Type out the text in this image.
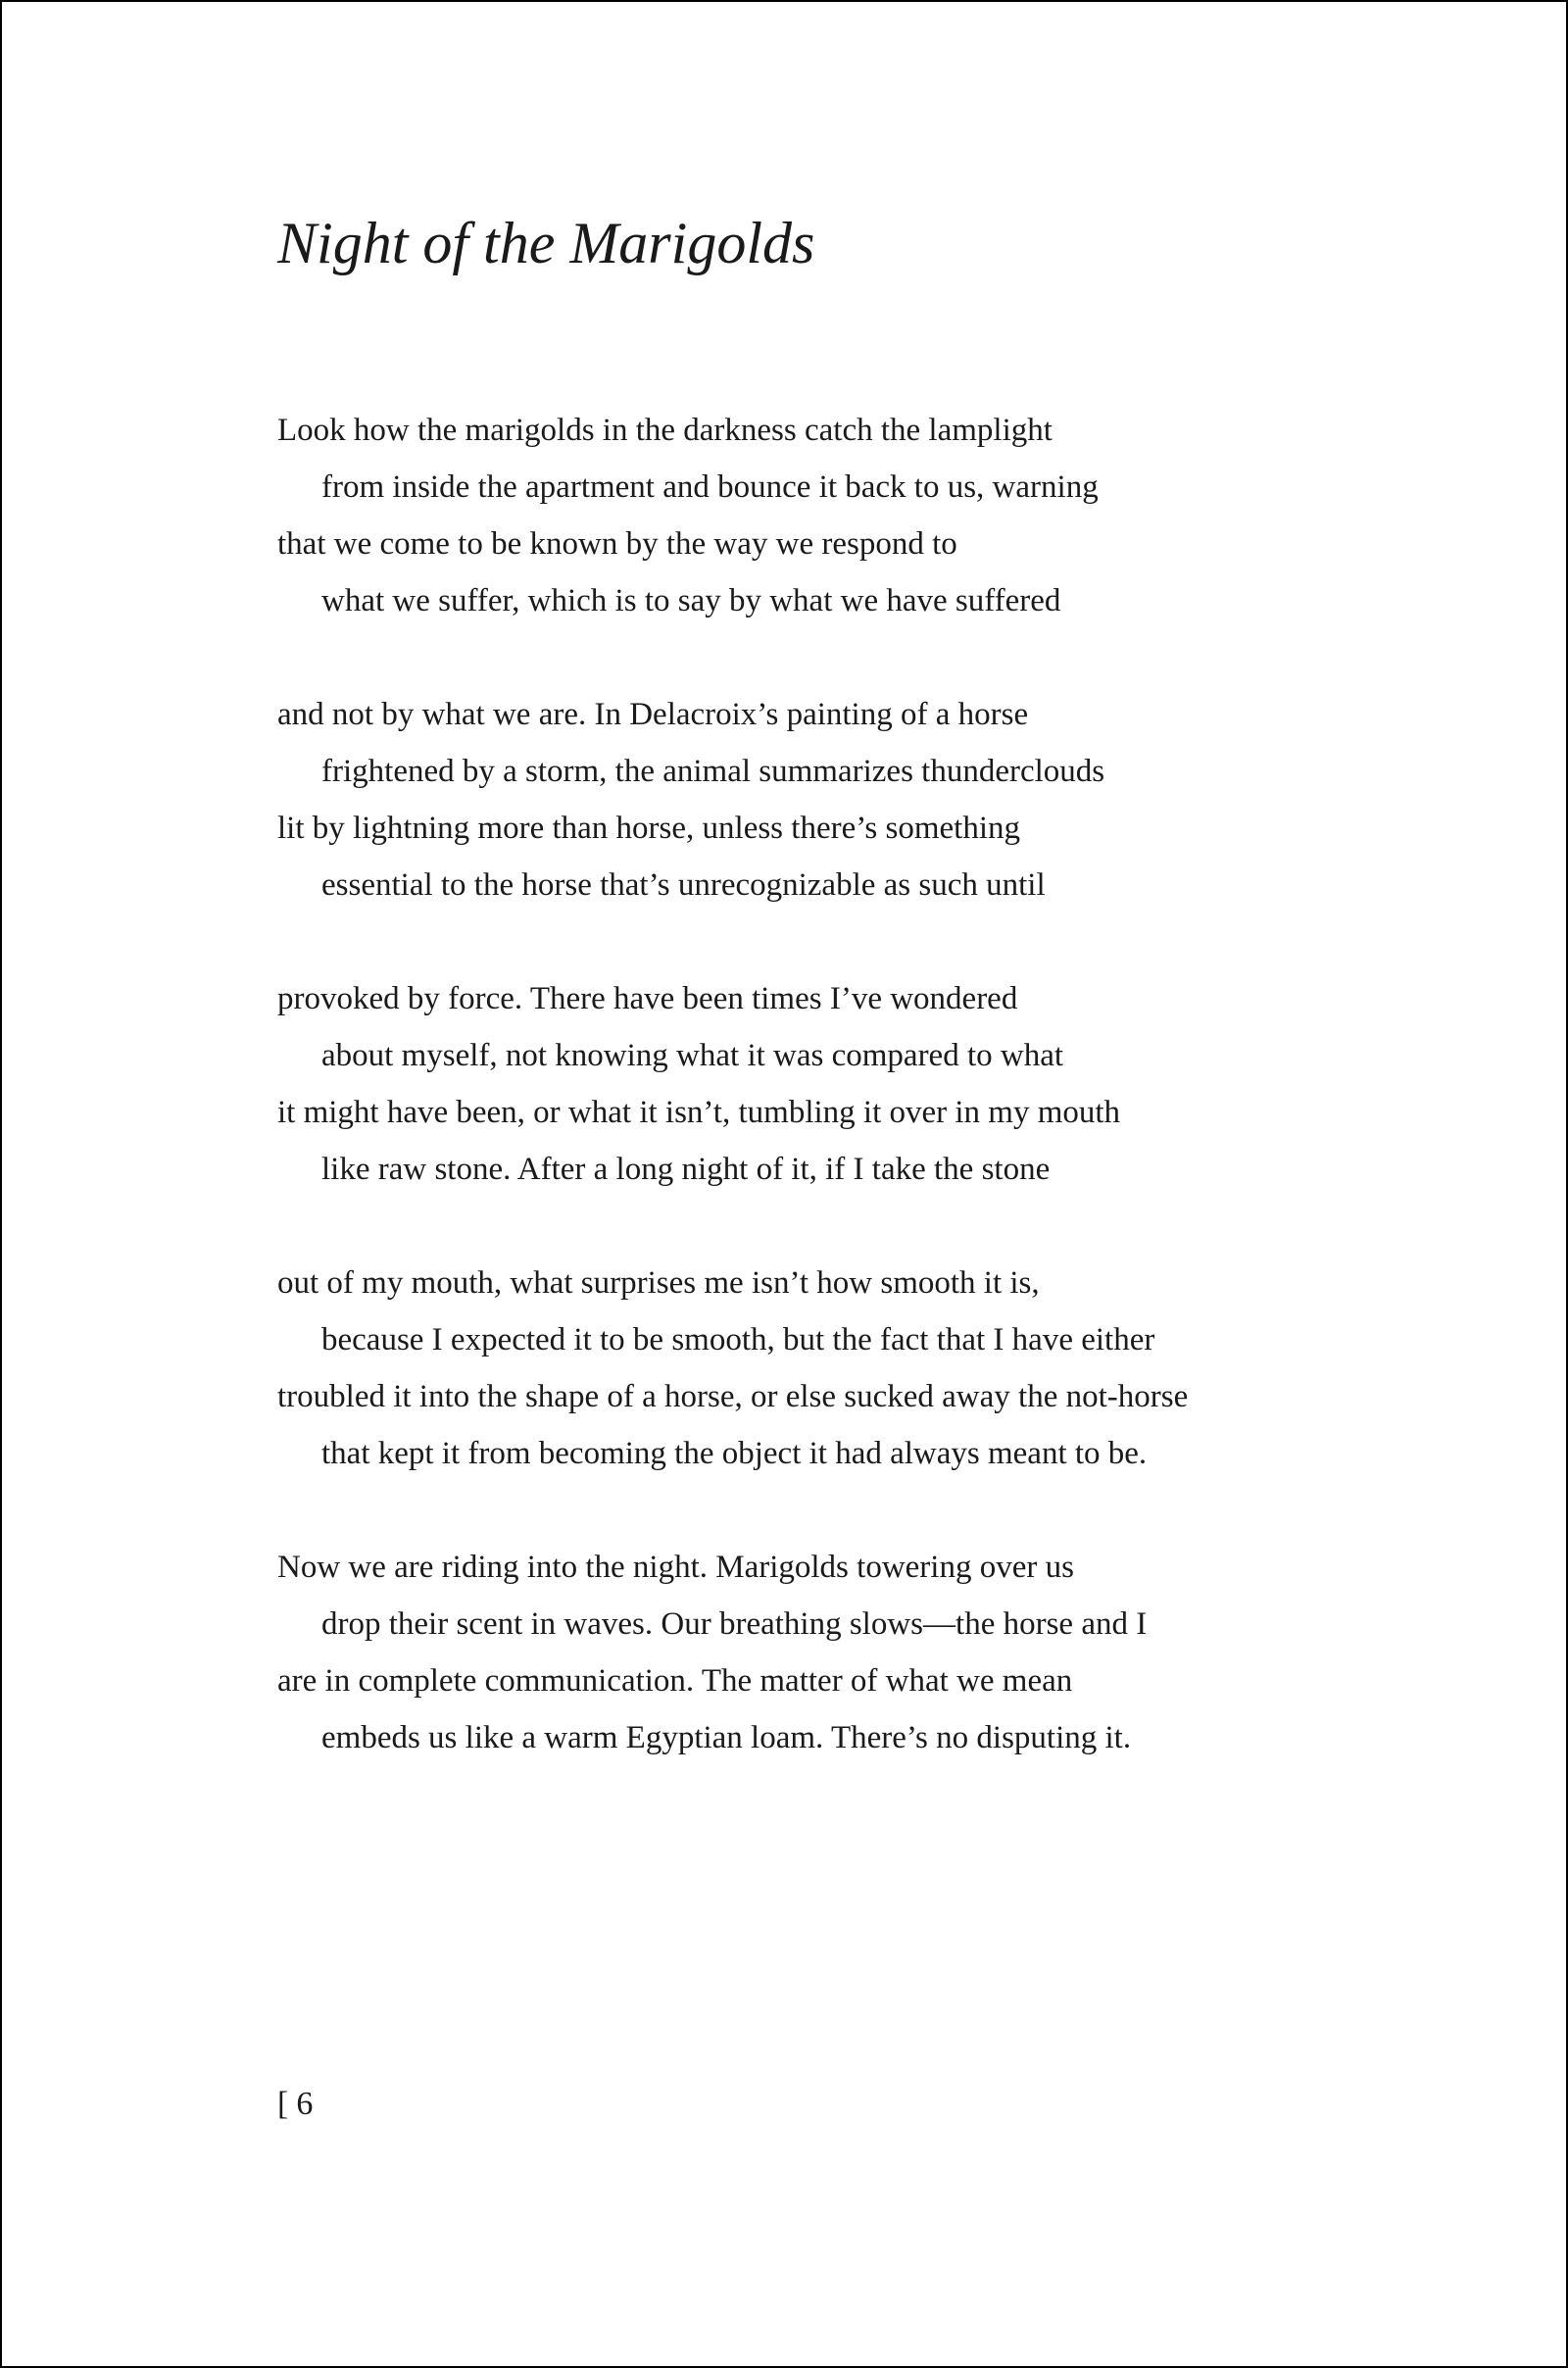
Night of the Marigolds
Look how the marigolds in the darkness catch the lamplight
from inside the apartment and bounce it back to us, warning
that we come to be known by the way we respond to
what we suffer, which is to say by what we have suffered
and not by what we are. In Delacroix’s painting of a horse
frightened by a storm, the animal summarizes thunderclouds
lit by lightning more than horse, unless there’s something
essential to the horse that’s unrecognizable as such until
provoked by force. There have been times I’ve wondered
about myself, not knowing what it was compared to what
it might have been, or what it isn’t, tumbling it over in my mouth
like raw stone. After a long night of it, if I take the stone
out of my mouth, what surprises me isn’t how smooth it is,
because I expected it to be smooth, but the fact that I have either
troubled it into the shape of a horse, or else sucked away the not-horse
that kept it from becoming the object it had always meant to be.
Now we are riding into the night. Marigolds towering over us
drop their scent in waves. Our breathing slows—the horse and I
are in complete communication. The matter of what we mean
embeds us like a warm Egyptian loam. There’s no disputing it.
[ 6
